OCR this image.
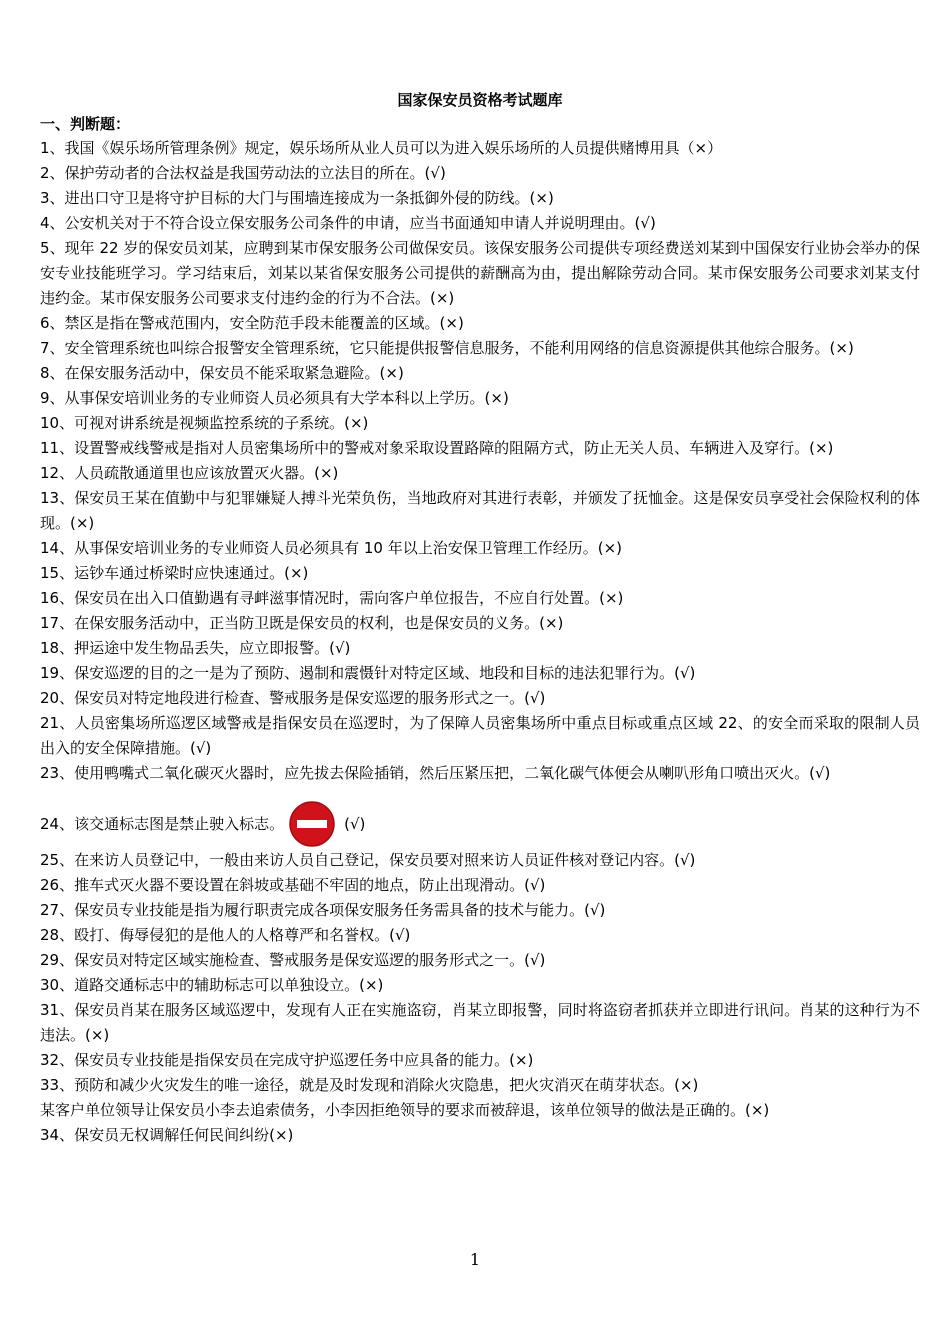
国家保安员资格考试题库

一、判断题：

1、我国《娱乐场所管理条例》规定，娱乐场所从业人员可以为进入娱乐场所的人员提供赌博用具（×）

2、保护劳动者的合法权益是我国劳动法的立法目的所在。(√)

3、进出口守卫是将守护目标的大门与围墙连接成为一条抵御外侵的防线。(×)

4、公安机关对于不符合设立保安服务公司条件的申请，应当书面通知申请人并说明理由。(√)

5、现年 22 岁的保安员刘某，应聘到某市保安服务公司做保安员。该保安服务公司提供专项经费送刘某到中国保安行业协会举办的保安专业技能班学习。学习结束后，刘某以某省保安服务公司提供的薪酬高为由，提出解除劳动合同。某市保安服务公司要求刘某支付违约金。某市保安服务公司要求支付违约金的行为不合法。(×)

6、禁区是指在警戒范围内，安全防范手段未能覆盖的区域。(×)

7、安全管理系统也叫综合报警安全管理系统，它只能提供报警信息服务，不能利用网络的信息资源提供其他综合服务。(×)

8、在保安服务活动中，保安员不能采取紧急避险。(×)

9、从事保安培训业务的专业师资人员必须具有大学本科以上学历。(×)

10、可视对讲系统是视频监控系统的子系统。(×)

11、设置警戒线警戒是指对人员密集场所中的警戒对象采取设置路障的阻隔方式，防止无关人员、车辆进入及穿行。(×)

12、人员疏散通道里也应该放置灭火器。(×)

13、保安员王某在值勤中与犯罪嫌疑人搏斗光荣负伤，当地政府对其进行表彰，并颁发了抚恤金。这是保安员享受社会保险权利的体现。(×)

14、从事保安培训业务的专业师资人员必须具有 10 年以上治安保卫管理工作经历。(×)

15、运钞车通过桥梁时应快速通过。(×)

16、保安员在出入口值勤遇有寻衅滋事情况时，需向客户单位报告，不应自行处置。(×)

17、在保安服务活动中，正当防卫既是保安员的权利，也是保安员的义务。(×)

18、押运途中发生物品丢失，应立即报警。(√)

19、保安巡逻的目的之一是为了预防、遏制和震慑针对特定区域、地段和目标的违法犯罪行为。(√)

20、保安员对特定地段进行检查、警戒服务是保安巡逻的服务形式之一。(√)

21、人员密集场所巡逻区域警戒是指保安员在巡逻时，为了保障人员密集场所中重点目标或重点区域 22、的安全而采取的限制人员出入的安全保障措施。(√)

23、使用鸭嘴式二氧化碳灭火器时，应先拔去保险插销，然后压紧压把，二氧化碳气体便会从喇叭形角口喷出灭火。(√)

24、该交通标志图是禁止驶入标志。	(√)

25、在来访人员登记中，一般由来访人员自己登记，保安员要对照来访人员证件核对登记内容。(√)

26、推车式灭火器不要设置在斜坡或基础不牢固的地点，防止出现滑动。(√)

27、保安员专业技能是指为履行职责完成各项保安服务任务需具备的技术与能力。(√)

28、殴打、侮辱侵犯的是他人的人格尊严和名誉权。(√)

29、保安员对特定区域实施检查、警戒服务是保安巡逻的服务形式之一。(√)

30、道路交通标志中的辅助标志可以单独设立。(×)

31、保安员肖某在服务区域巡逻中，发现有人正在实施盗窃，肖某立即报警，同时将盗窃者抓获并立即进行讯问。肖某的这种行为不违法。(×)

32、保安员专业技能是指保安员在完成守护巡逻任务中应具备的能力。(×)

33、预防和减少火灾发生的唯一途径，就是及时发现和消除火灾隐患，把火灾消灭在萌芽状态。(×)

某客户单位领导让保安员小李去追索债务，小李因拒绝领导的要求而被辞退，该单位领导的做法是正确的。(×)

34、保安员无权调解任何民间纠纷(×)

1
